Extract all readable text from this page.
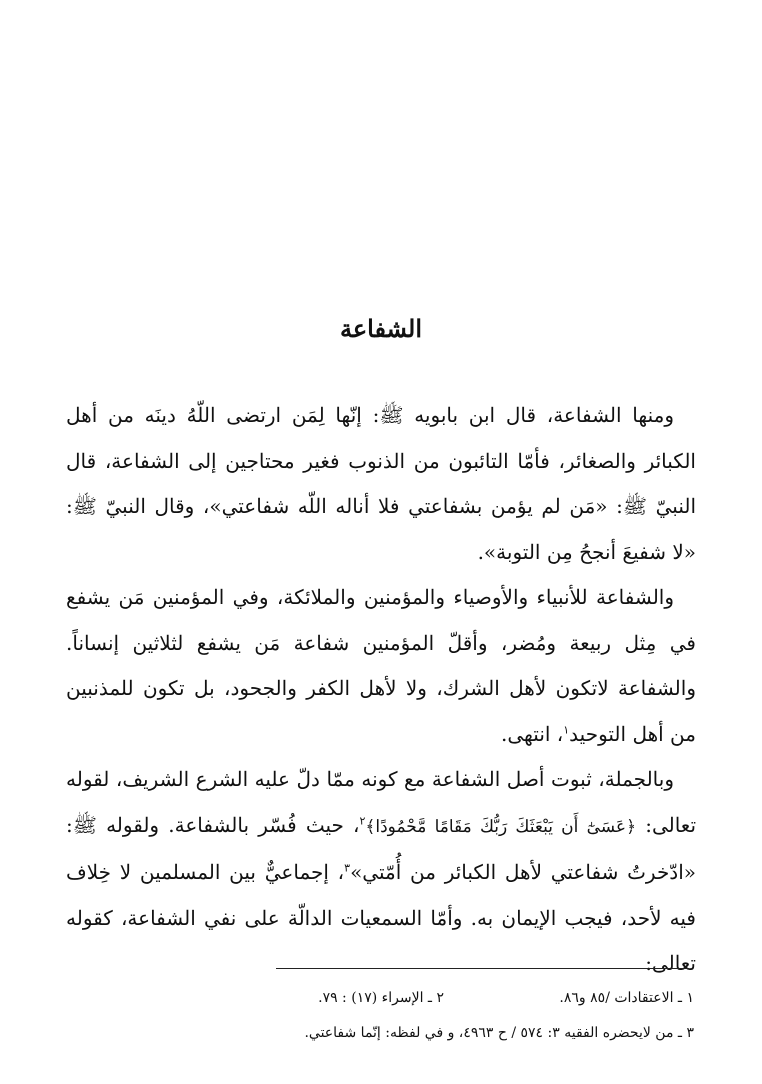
الشفاعة

ومنها الشفاعة، قال ابن بابويه ﷺ: إنّها لِمَن ارتضى اللّهُ دينَه من أهل الكبائر والصغائر، فأمّا التائبون من الذنوب فغير محتاجين إلى الشفاعة، قال النبيّ ﷺ: «مَن لم يؤمن بشفاعتي فلا أناله اللّه شفاعتي»، وقال النبيّ ﷺ: «لا شفيعَ أنجحُ مِن التوبة».

والشفاعة للأنبياء والأوصياء والمؤمنين والملائكة، وفي المؤمنين مَن يشفع في مِثل ربيعة ومُضر، وأقلّ المؤمنين شفاعة مَن يشفع لثلاثين إنساناً. والشفاعة لاتكون لأهل الشرك، ولا لأهل الكفر والجحود، بل تكون للمذنبين من أهل التوحيد$^١$، انتهى.

وبالجملة، ثبوت أصل الشفاعة مع كونه ممّا دلّ عليه الشرع الشريف، لقوله تعالى: ﴿عَسَىٰٓ أَن يَبْعَثَكَ رَبُّكَ مَقَامًا مَّحْمُودًا﴾$^٢$، حيث فُسّر بالشفاعة. ولقوله ﷺ: «ادّخرتُ شفاعتي لأهل الكبائر من أُمّتي»$^٣$، إجماعيٌّ بين المسلمين لا خِلاف فيه لأحد، فيجب الإيمان به. وأمّا السمعيات الدالّة على نفي الشفاعة، كقوله تعالى:

١ ـ الاعتقادات /٨٥ و٨٦.
٢ ـ الإسراء (١٧) : ٧٩.
٣ ـ من لايحضره الفقيه ٣: ٥٧٤ / ح ٤٩٦٣، و في لفظه: إنّما شفاعتي.
